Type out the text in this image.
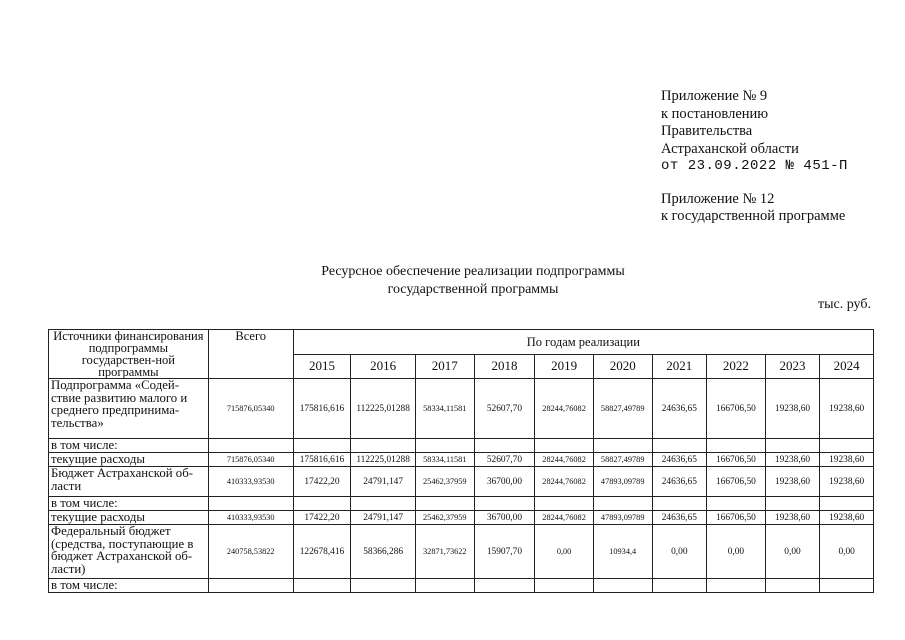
Приложение № 9
к постановлению
Правительства
Астраханской области
от 23.09.2022 № 451-П
Приложение № 12
к государственной программе
Ресурсное обеспечение реализации подпрограммы
государственной программы
тыс. руб.
Источники финансирования подпрограммы государствен-ной программы	Всего	По годам реализации									
		2015	2016	2017	2018	2019	2020	2021	2022	2023	2024
Подпрограмма «Содей-ствие развитию малого и среднего предпринима-тельства»	715876,05340	175816,616	112225,01288	58334,11581	52607,70	28244,76082	58827,49789	24636,65	166706,50	19238,60	19238,60
в том числе:											
текущие расходы	715876,05340	175816,616	112225,01288	58334,11581	52607,70	28244,76082	58827,49789	24636,65	166706,50	19238,60	19238,60
Бюджет Астраханской об-ласти	410333,93530	17422,20	24791,147	25462,37959	36700,00	28244,76082	47893,09789	24636,65	166706,50	19238,60	19238,60
в том числе:											
текущие расходы	410333,93530	17422,20	24791,147	25462,37959	36700,00	28244,76082	47893,09789	24636,65	166706,50	19238,60	19238,60
Федеральный бюджет (средства, поступающие в бюджет Астраханской об-ласти)	240758,53822	122678,416	58366,286	32871,73622	15907,70	0,00	10934,4	0,00	0,00	0,00	0,00
в том числе:											
